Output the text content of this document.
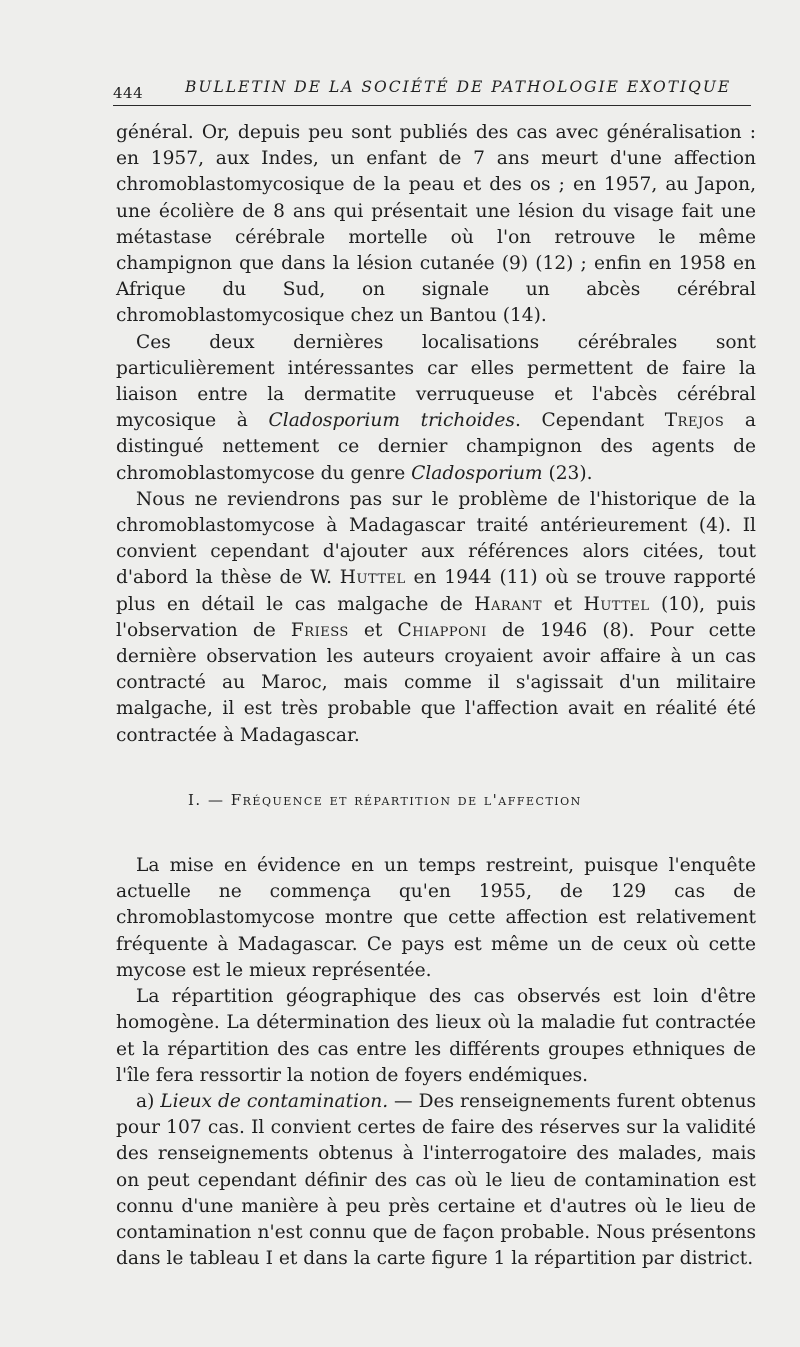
444	BULLETIN DE LA SOCIÉTÉ DE PATHOLOGIE EXOTIQUE

général. Or, depuis peu sont publiés des cas avec généralisation : en 1957, aux Indes, un enfant de 7 ans meurt d'une affection chromoblastomycosique de la peau et des os ; en 1957, au Japon, une écolière de 8 ans qui présentait une lésion du visage fait une métastase cérébrale mortelle où l'on retrouve le même champignon que dans la lésion cutanée (9) (12) ; enfin en 1958 en Afrique du Sud, on signale un abcès cérébral chromoblastomycosique chez un Bantou (14).

Ces deux dernières localisations cérébrales sont particulièrement intéressantes car elles permettent de faire la liaison entre la dermatite verruqueuse et l'abcès cérébral mycosique à Cladosporium trichoides. Cependant Trejos a distingué nettement ce dernier champignon des agents de chromoblastomycose du genre Cladosporium (23).

Nous ne reviendrons pas sur le problème de l'historique de la chromoblastomycose à Madagascar traité antérieurement (4). Il convient cependant d'ajouter aux références alors citées, tout d'abord la thèse de W. Huttel en 1944 (11) où se trouve rapporté plus en détail le cas malgache de Harant et Huttel (10), puis l'observation de Friess et Chiapponi de 1946 (8). Pour cette dernière observation les auteurs croyaient avoir affaire à un cas contracté au Maroc, mais comme il s'agissait d'un militaire malgache, il est très probable que l'affection avait en réalité été contractée à Madagascar.

I. — Fréquence et répartition de l'affection

La mise en évidence en un temps restreint, puisque l'enquête actuelle ne commença qu'en 1955, de 129 cas de chromoblastomycose montre que cette affection est relativement fréquente à Madagascar. Ce pays est même un de ceux où cette mycose est le mieux représentée.

La répartition géographique des cas observés est loin d'être homogène. La détermination des lieux où la maladie fut contractée et la répartition des cas entre les différents groupes ethniques de l'île fera ressortir la notion de foyers endémiques.

a) Lieux de contamination. — Des renseignements furent obtenus pour 107 cas. Il convient certes de faire des réserves sur la validité des renseignements obtenus à l'interrogatoire des malades, mais on peut cependant définir des cas où le lieu de contamination est connu d'une manière à peu près certaine et d'autres où le lieu de contamination n'est connu que de façon probable. Nous présentons dans le tableau I et dans la carte figure 1 la répartition par district.
